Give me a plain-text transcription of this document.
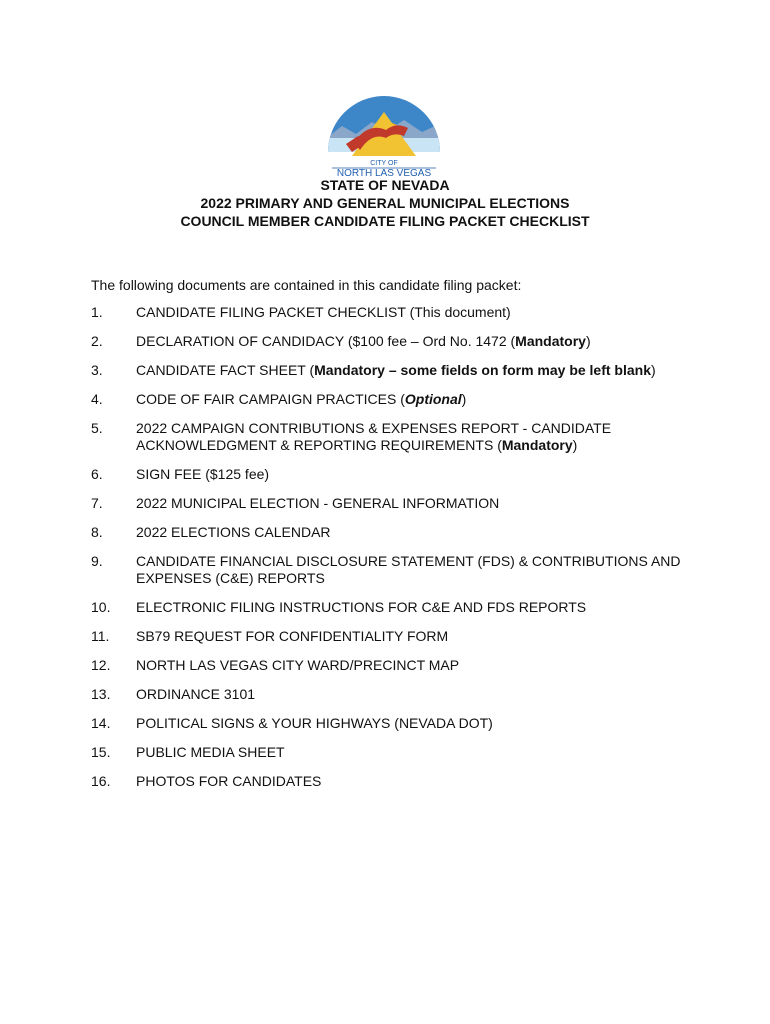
CITY OF
NORTH LAS VEGAS
STATE OF NEVADA
2022 PRIMARY AND GENERAL MUNICIPAL ELECTIONS
COUNCIL MEMBER CANDIDATE FILING PACKET CHECKLIST
The following documents are contained in this candidate filing packet:
1.	CANDIDATE FILING PACKET CHECKLIST (This document)
2.	DECLARATION OF CANDIDACY ($100 fee – Ord No. 1472 (Mandatory)
3.	CANDIDATE FACT SHEET (Mandatory – some fields on form may be left blank)
4.	CODE OF FAIR CAMPAIGN PRACTICES (Optional)
5.	2022 CAMPAIGN CONTRIBUTIONS & EXPENSES REPORT - CANDIDATE
ACKNOWLEDGMENT & REPORTING REQUIREMENTS (Mandatory)
6.	SIGN FEE ($125 fee)
7.	2022 MUNICIPAL ELECTION - GENERAL INFORMATION
8.	2022 ELECTIONS CALENDAR
9.	CANDIDATE FINANCIAL DISCLOSURE STATEMENT (FDS) & CONTRIBUTIONS AND
EXPENSES (C&E) REPORTS
10.	ELECTRONIC FILING INSTRUCTIONS FOR C&E AND FDS REPORTS
11.	SB79 REQUEST FOR CONFIDENTIALITY FORM
12.	NORTH LAS VEGAS CITY WARD/PRECINCT MAP
13.	ORDINANCE 3101
14.	POLITICAL SIGNS & YOUR HIGHWAYS (NEVADA DOT)
15.	PUBLIC MEDIA SHEET
16.	PHOTOS FOR CANDIDATES
